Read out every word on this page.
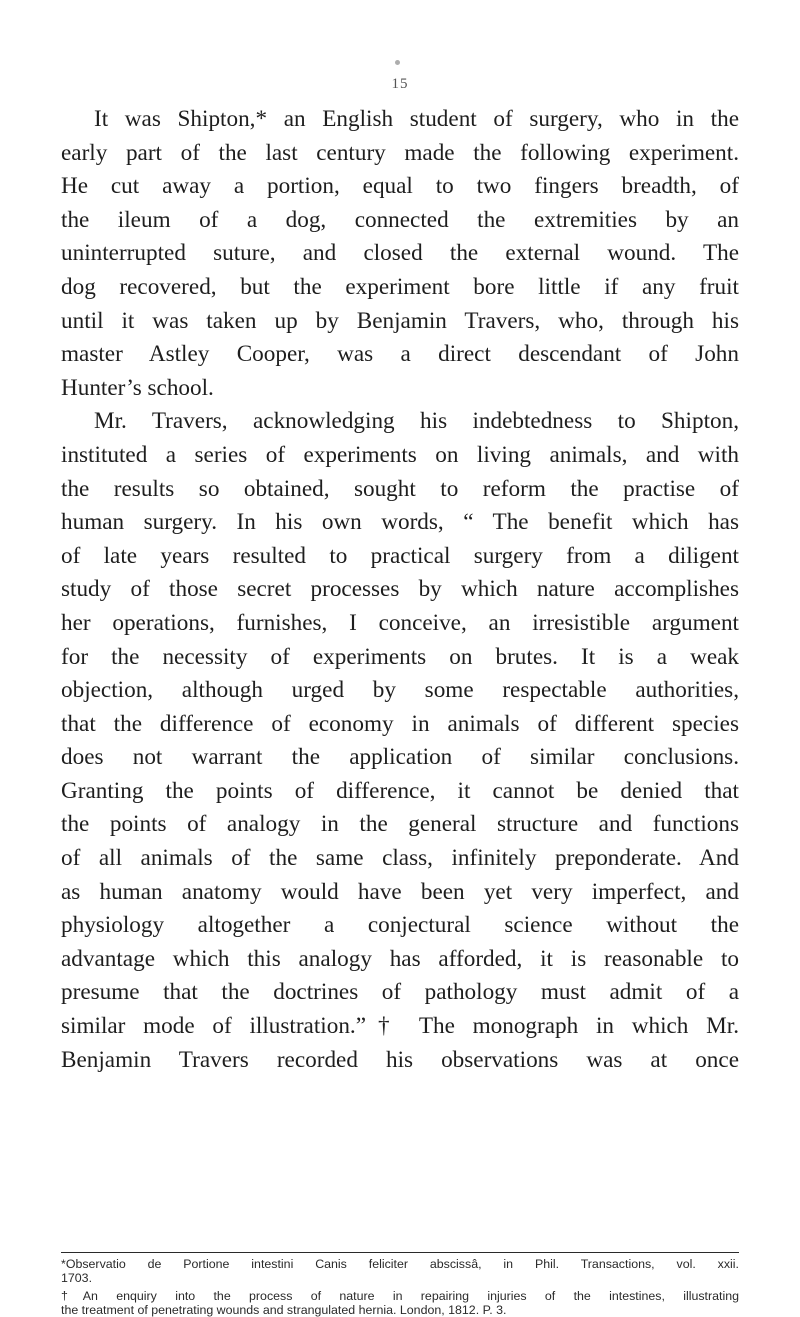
15
It was Shipton,* an English student of surgery, who in the
early part of the last century made the following experiment.
He cut away a portion, equal to two fingers breadth, of
the ileum of a dog, connected the extremities by an
uninterrupted suture, and closed the external wound. The
dog recovered, but the experiment bore little if any fruit
until it was taken up by Benjamin Travers, who, through his
master Astley Cooper, was a direct descendant of John
Hunter’s school.
Mr. Travers, acknowledging his indebtedness to Shipton,
instituted a series of experiments on living animals, and with
the results so obtained, sought to reform the practise of
human surgery. In his own words, “ The benefit which has
of late years resulted to practical surgery from a diligent
study of those secret processes by which nature accomplishes
her operations, furnishes, I conceive, an irresistible argument
for the necessity of experiments on brutes. It is a weak
objection, although urged by some respectable authorities,
that the difference of economy in animals of different species
does not warrant the application of similar conclusions.
Granting the points of difference, it cannot be denied that
the points of analogy in the general structure and functions
of all animals of the same class, infinitely preponderate. And
as human anatomy would have been yet very imperfect, and
physiology altogether a conjectural science without the
advantage which this analogy has afforded, it is reasonable to
presume that the doctrines of pathology must admit of a
similar mode of illustration.”† The monograph in which Mr.
Benjamin Travers recorded his observations was at once
*Observatio de Portione intestini Canis feliciter abscissâ, in Phil. Transactions, vol. xxii.
1703.
†An enquiry into the process of nature in repairing injuries of the intestines, illustrating
the treatment of penetrating wounds and strangulated hernia. London, 1812. P. 3.
